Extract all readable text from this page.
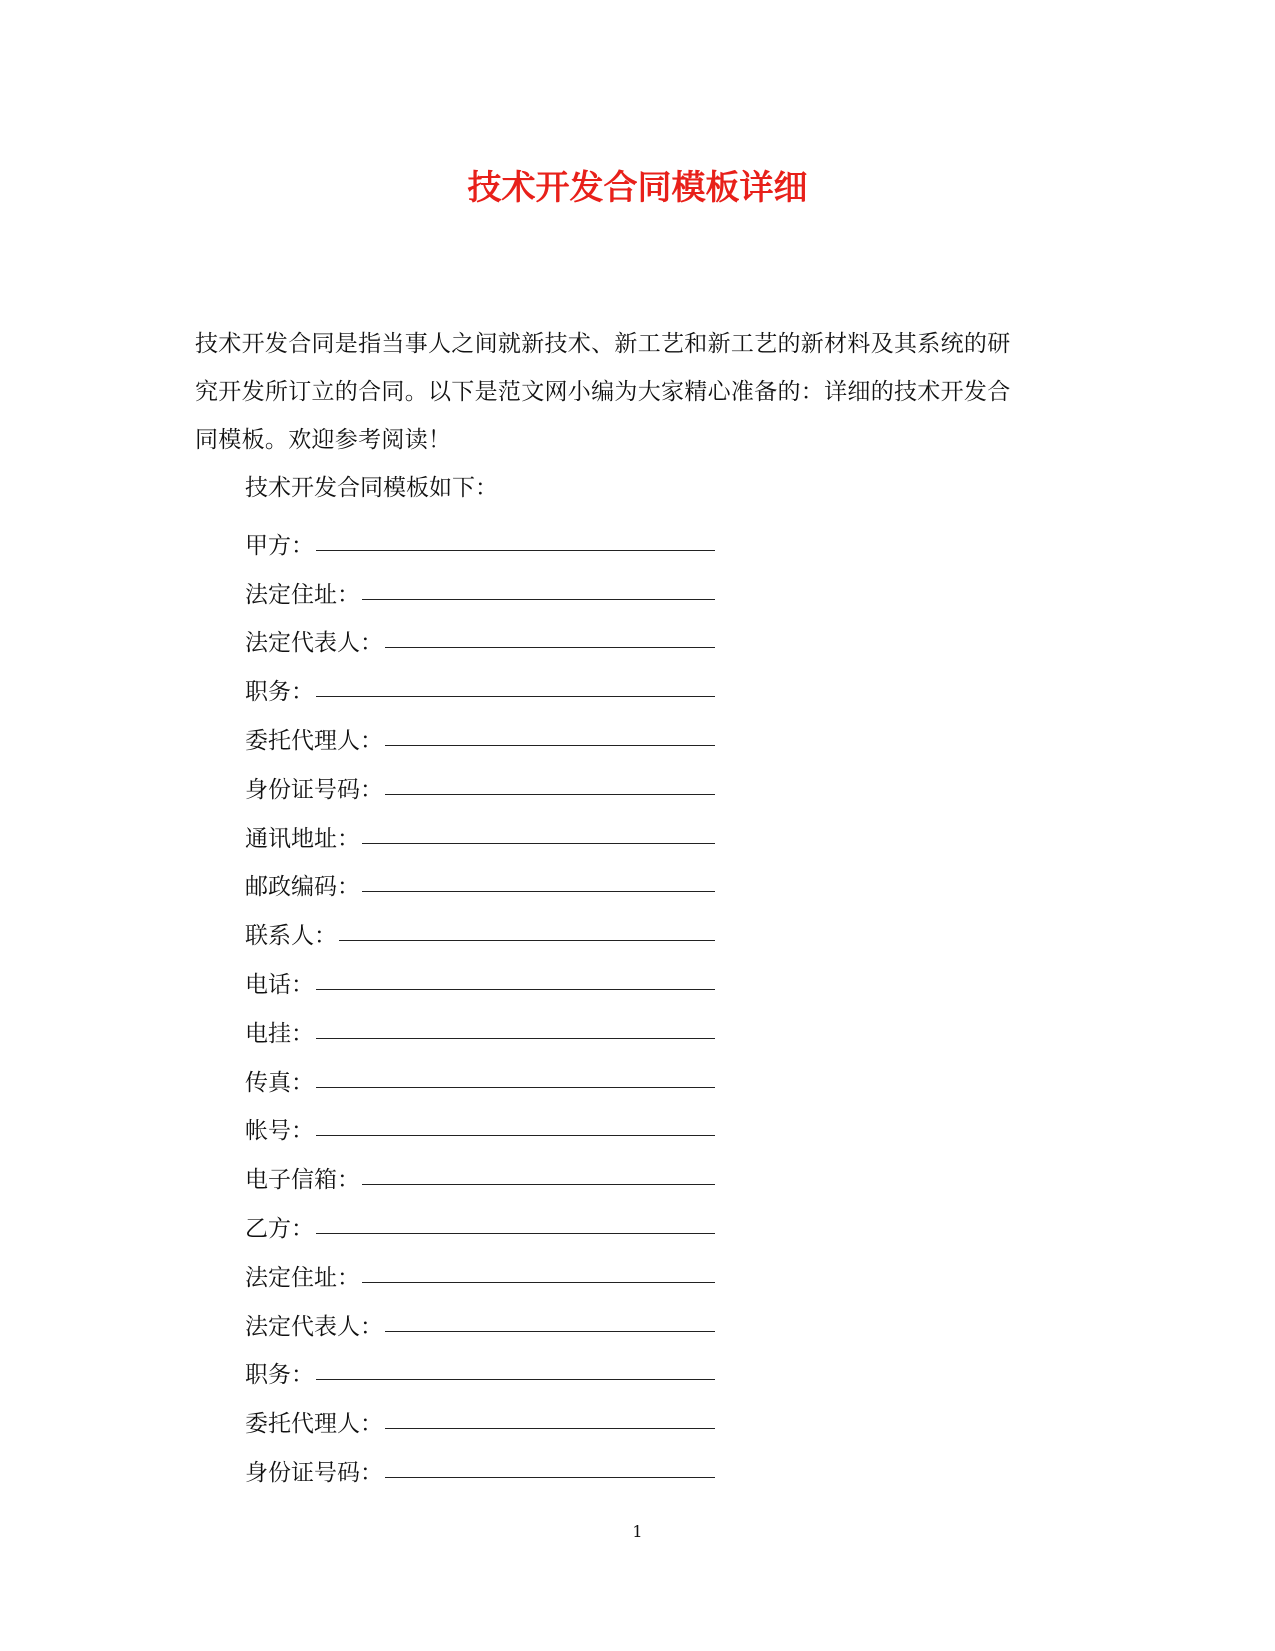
技术开发合同模板详细

技术开发合同是指当事人之间就新技术、新工艺和新工艺的新材料及其系统的研
究开发所订立的合同。以下是范文网小编为大家精心准备的：详细的技术开发合
同模板。欢迎参考阅读！

技术开发合同模板如下：

甲方：
法定住址：
法定代表人：
职务：
委托代理人：
身份证号码：
通讯地址：
邮政编码：
联系人：
电话：
电挂：
传真：
帐号：
电子信箱：
乙方：
法定住址：
法定代表人：
职务：
委托代理人：
身份证号码：

1
